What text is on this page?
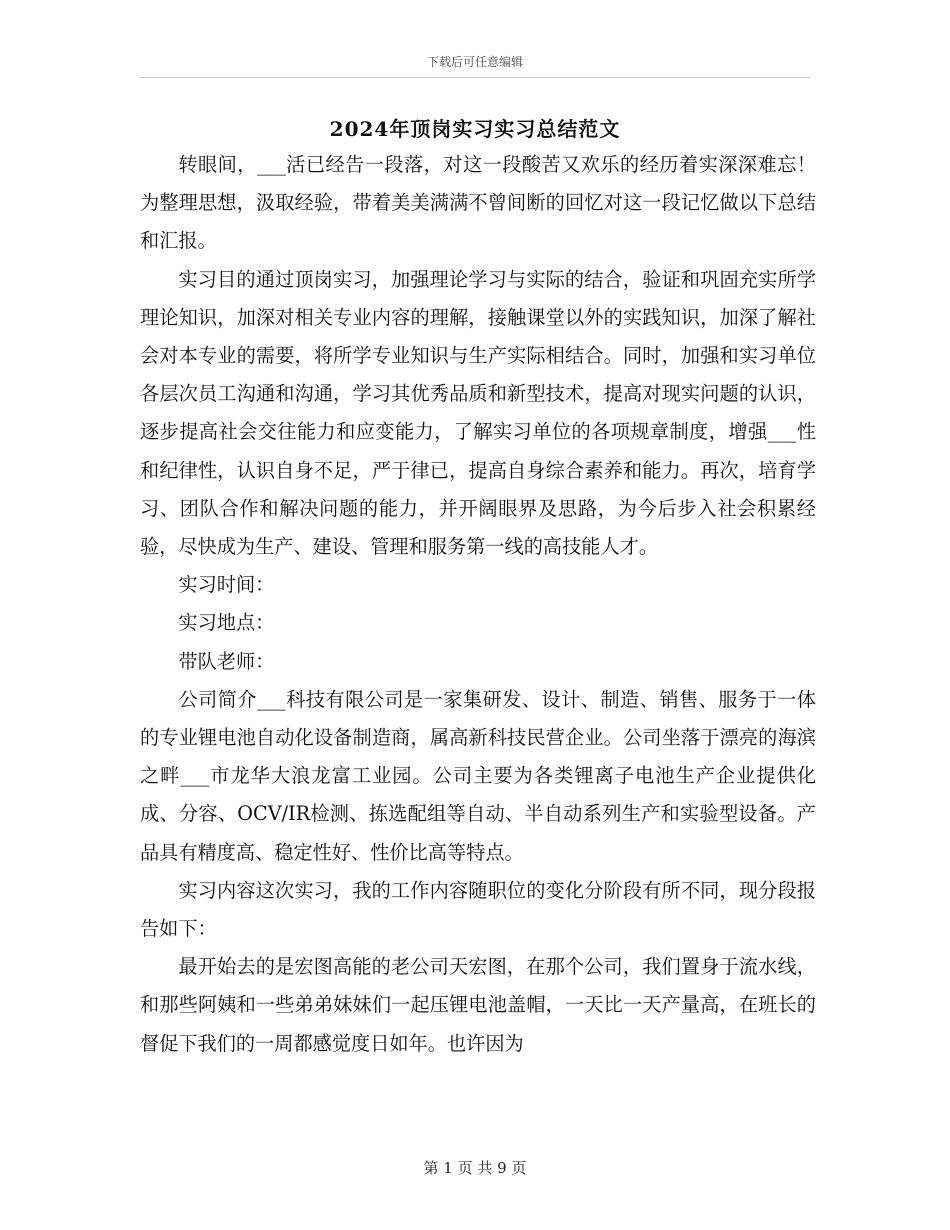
下载后可任意编辑
2024年顶岗实习实习总结范文

转眼间，___活已经告一段落，对这一段酸苦又欢乐的经历着实深深难忘！为整理思想，汲取经验，带着美美满满不曾间断的回忆对这一段记忆做以下总结和汇报。

实习目的通过顶岗实习，加强理论学习与实际的结合，验证和巩固充实所学理论知识，加深对相关专业内容的理解，接触课堂以外的实践知识，加深了解社会对本专业的需要，将所学专业知识与生产实际相结合。同时，加强和实习单位各层次员工沟通和沟通，学习其优秀品质和新型技术，提高对现实问题的认识，逐步提高社会交往能力和应变能力，了解实习单位的各项规章制度，增强___性和纪律性，认识自身不足，严于律已，提高自身综合素养和能力。再次，培育学习、团队合作和解决问题的能力，并开阔眼界及思路，为今后步入社会积累经验，尽快成为生产、建设、管理和服务第一线的高技能人才。

实习时间：

实习地点：

带队老师：

公司简介___科技有限公司是一家集研发、设计、制造、销售、服务于一体的专业锂电池自动化设备制造商，属高新科技民营企业。公司坐落于漂亮的海滨之畔___市龙华大浪龙富工业园。公司主要为各类锂离子电池生产企业提供化成、分容、OCV/IR检测、拣选配组等自动、半自动系列生产和实验型设备。产品具有精度高、稳定性好、性价比高等特点。

实习内容这次实习，我的工作内容随职位的变化分阶段有所不同，现分段报告如下：

最开始去的是宏图高能的老公司天宏图，在那个公司，我们置身于流水线，和那些阿姨和一些弟弟妹妹们一起压锂电池盖帽，一天比一天产量高，在班长的督促下我们的一周都感觉度日如年。也许因为

第 1 页 共 9 页
